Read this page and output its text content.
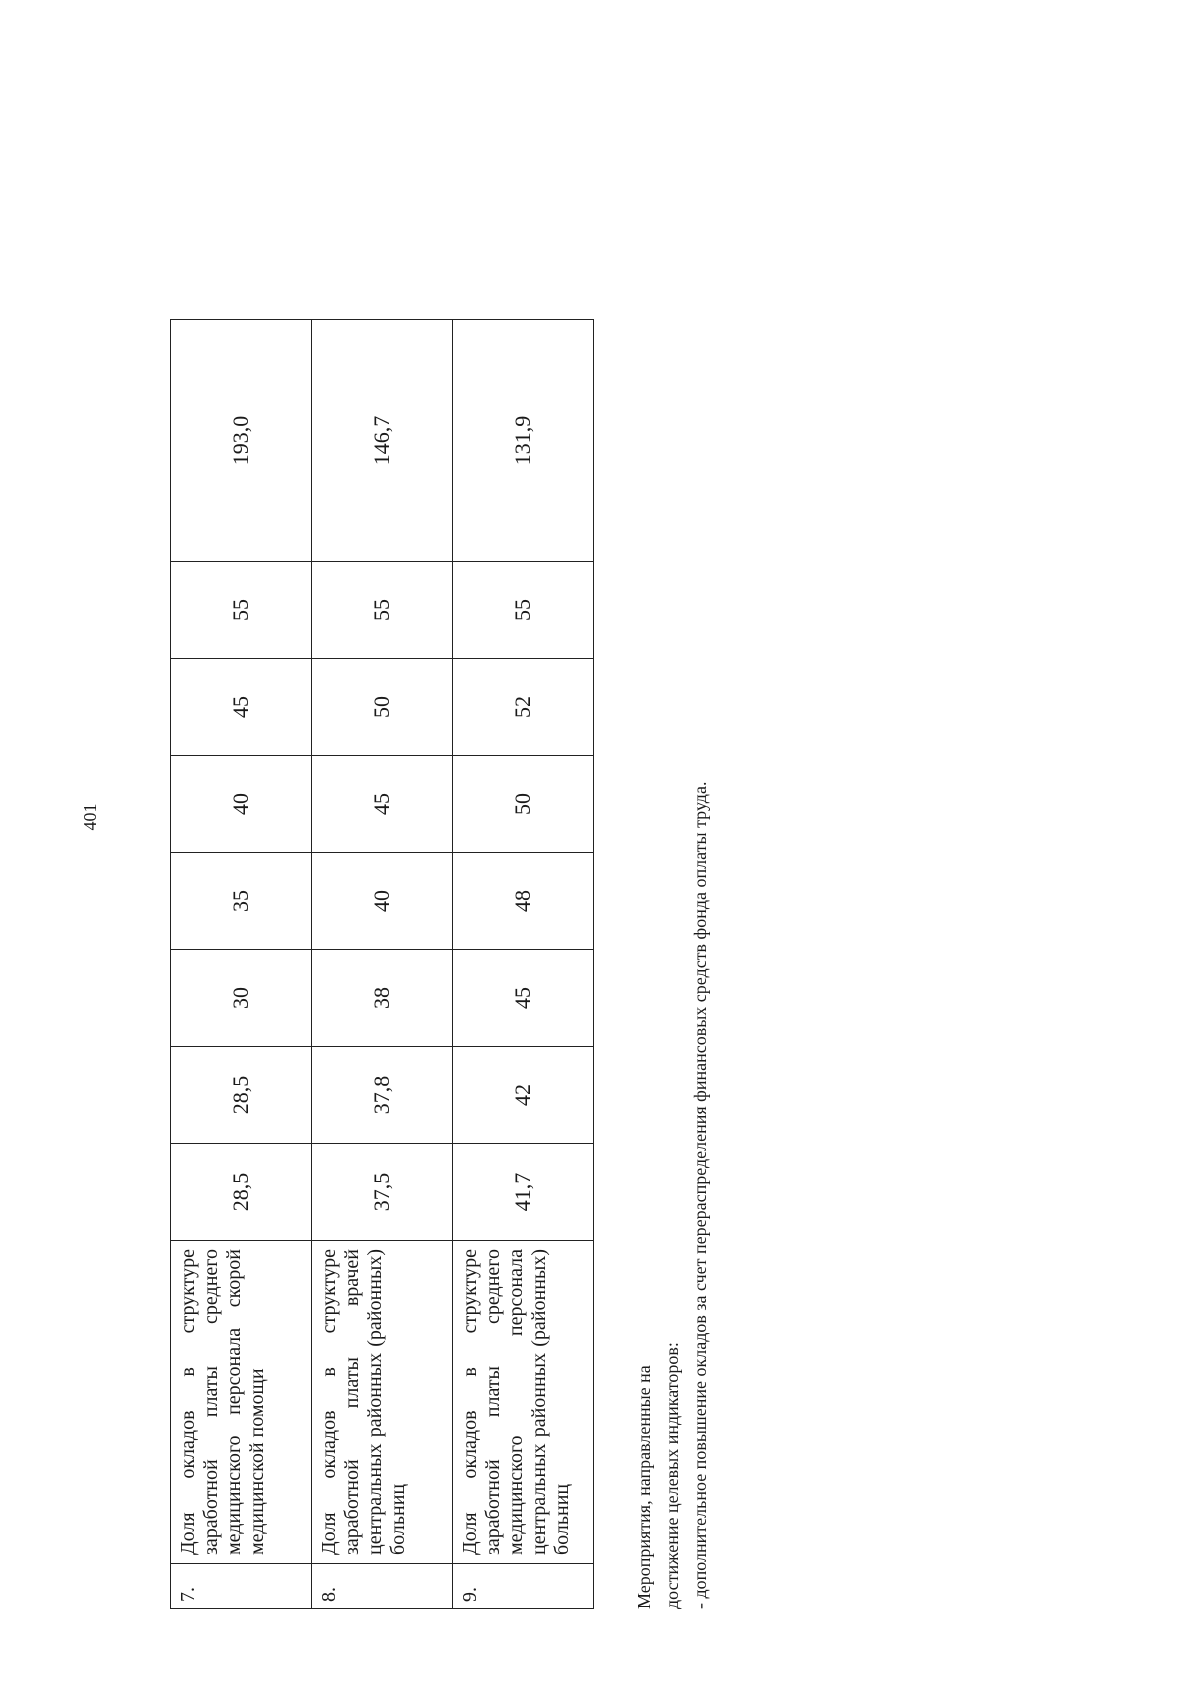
401
7.	Доля окладов в структуре заработной платы среднего медицинского персонала скорой медицинской помощи	28,5	28,5	30	35	40	45	55	193,0
8.	Доля окладов в структуре заработной платы врачей центральных районных (районных) больниц	37,5	37,8	38	40	45	50	55	146,7
9.	Доля окладов в структуре заработной платы среднего медицинского персонала центральных районных (районных) больниц	41,7	42	45	48	50	52	55	131,9
Мероприятия, направленные на достижение целевых индикаторов: - дополнительное повышение окладов за счет перераспределения финансовых средств фонда оплаты труда.
